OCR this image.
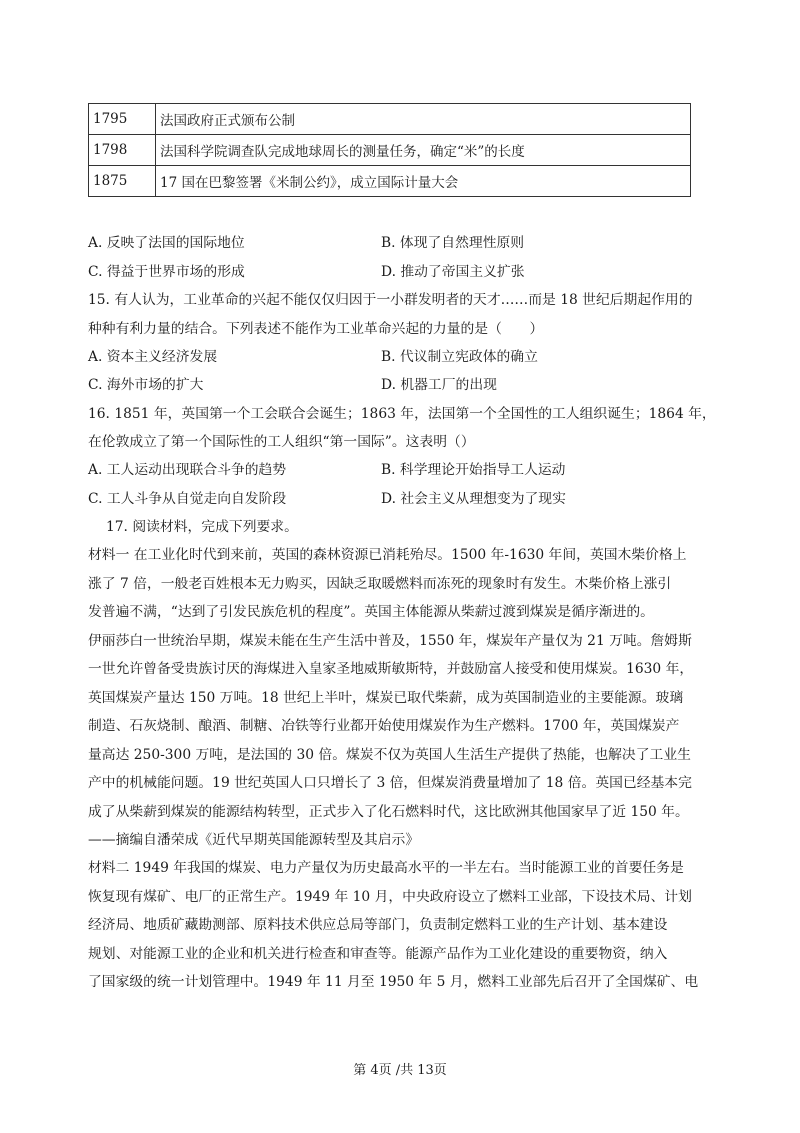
1795	法国政府正式颁布公制
1798	法国科学院调查队完成地球周长的测量任务，确定“米”的长度
1875	17 国在巴黎签署《米制公约》，成立国际计量大会
A. 反映了法国的国际地位	B. 体现了自然理性原则
C. 得益于世界市场的形成	D. 推动了帝国主义扩张
15. 有人认为，工业革命的兴起不能仅仅归因于一小群发明者的天才……而是 18 世纪后期起作用的
种种有利力量的结合。下列表述不能作为工业革命兴起的力量的是（　　）
A. 资本主义经济发展	B. 代议制立宪政体的确立
C. 海外市场的扩大	D. 机器工厂的出现
16. 1851 年，英国第一个工会联合会诞生；1863 年，法国第一个全国性的工人组织诞生；1864 年，
在伦敦成立了第一个国际性的工人组织“第一国际”。这表明（）
A. 工人运动出现联合斗争的趋势	B. 科学理论开始指导工人运动
C. 工人斗争从自觉走向自发阶段	D. 社会主义从理想变为了现实
17. 阅读材料，完成下列要求。
材料一 在工业化时代到来前，英国的森林资源已消耗殆尽。1500 年-1630 年间，英国木柴价格上
涨了 7 倍，一般老百姓根本无力购买，因缺乏取暖燃料而冻死的现象时有发生。木柴价格上涨引
发普遍不满，“达到了引发民族危机的程度”。英国主体能源从柴薪过渡到煤炭是循序渐进的。
伊丽莎白一世统治早期，煤炭未能在生产生活中普及，1550 年，煤炭年产量仅为 21 万吨。詹姆斯
一世允许曾备受贵族讨厌的海煤进入皇家圣地威斯敏斯特，并鼓励富人接受和使用煤炭。1630 年，
英国煤炭产量达 150 万吨。18 世纪上半叶，煤炭已取代柴薪，成为英国制造业的主要能源。玻璃
制造、石灰烧制、酿酒、制糖、冶铁等行业都开始使用煤炭作为生产燃料。1700 年，英国煤炭产
量高达 250-300 万吨，是法国的 30 倍。煤炭不仅为英国人生活生产提供了热能，也解决了工业生
产中的机械能问题。19 世纪英国人口只增长了 3 倍，但煤炭消费量增加了 18 倍。英国已经基本完
成了从柴薪到煤炭的能源结构转型，正式步入了化石燃料时代，这比欧洲其他国家早了近 150 年。
——摘编自潘荣成《近代早期英国能源转型及其启示》
材料二 1949 年我国的煤炭、电力产量仅为历史最高水平的一半左右。当时能源工业的首要任务是
恢复现有煤矿、电厂的正常生产。1949 年 10 月，中央政府设立了燃料工业部，下设技术局、计划
经济局、地质矿藏勘测部、原料技术供应总局等部门，负责制定燃料工业的生产计划、基本建设
规划、对能源工业的企业和机关进行检查和审查等。能源产品作为工业化建设的重要物资，纳入
了国家级的统一计划管理中。1949 年 11 月至 1950 年 5 月，燃料工业部先后召开了全国煤矿、电
第 4页 /共 13页
